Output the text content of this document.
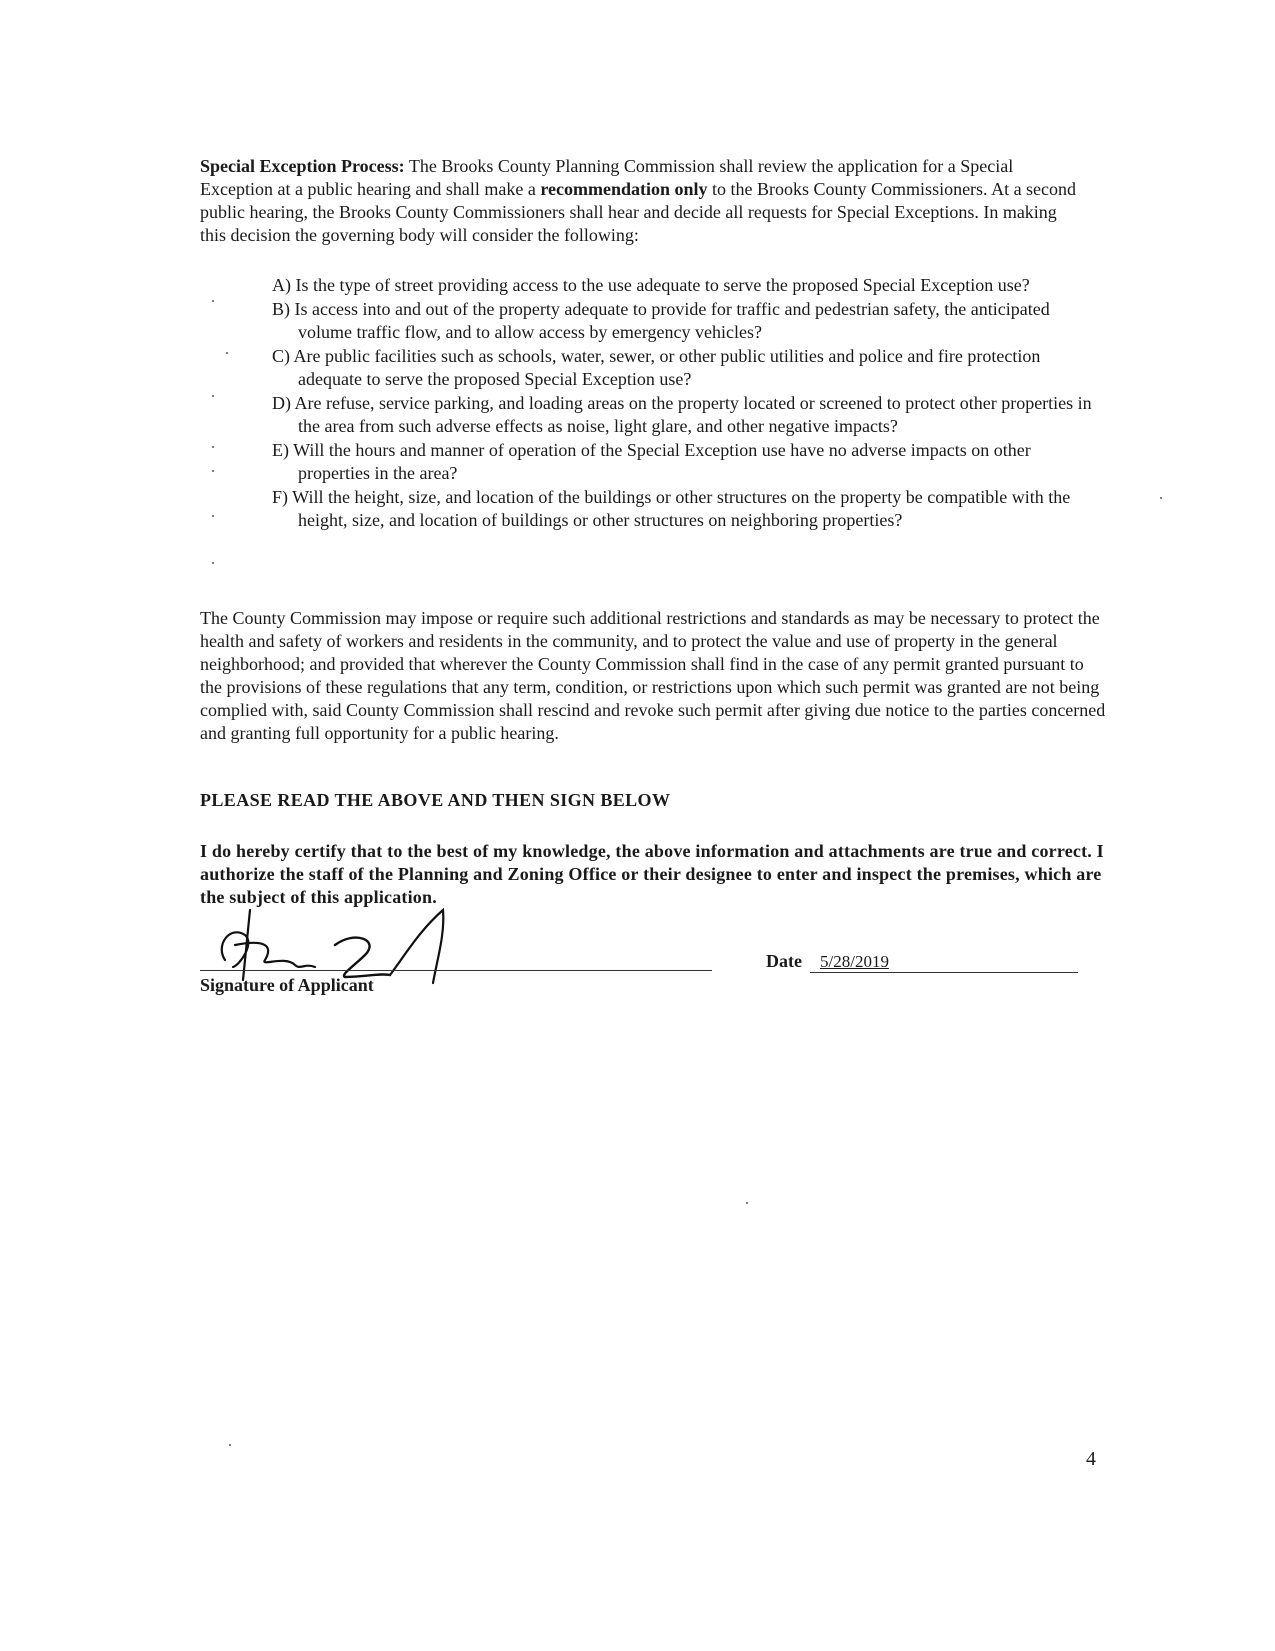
Special Exception Process: The Brooks County Planning Commission shall review the application for a Special Exception at a public hearing and shall make a recommendation only to the Brooks County Commissioners. At a second public hearing, the Brooks County Commissioners shall hear and decide all requests for Special Exceptions. In making this decision the governing body will consider the following:

A) Is the type of street providing access to the use adequate to serve the proposed Special Exception use?
B) Is access into and out of the property adequate to provide for traffic and pedestrian safety, the anticipated volume traffic flow, and to allow access by emergency vehicles?
C) Are public facilities such as schools, water, sewer, or other public utilities and police and fire protection adequate to serve the proposed Special Exception use?
D) Are refuse, service parking, and loading areas on the property located or screened to protect other properties in the area from such adverse effects as noise, light glare, and other negative impacts?
E) Will the hours and manner of operation of the Special Exception use have no adverse impacts on other properties in the area?
F) Will the height, size, and location of the buildings or other structures on the property be compatible with the height, size, and location of buildings or other structures on neighboring properties?

The County Commission may impose or require such additional restrictions and standards as may be necessary to protect the health and safety of workers and residents in the community, and to protect the value and use of property in the general neighborhood; and provided that wherever the County Commission shall find in the case of any permit granted pursuant to the provisions of these regulations that any term, condition, or restrictions upon which such permit was granted are not being complied with, said County Commission shall rescind and revoke such permit after giving due notice to the parties concerned and granting full opportunity for a public hearing.

PLEASE READ THE ABOVE AND THEN SIGN BELOW

I do hereby certify that to the best of my knowledge, the above information and attachments are true and correct. I authorize the staff of the Planning and Zoning Office or their designee to enter and inspect the premises, which are the subject of this application.

Signature of Applicant

Date 5/28/2019

4
